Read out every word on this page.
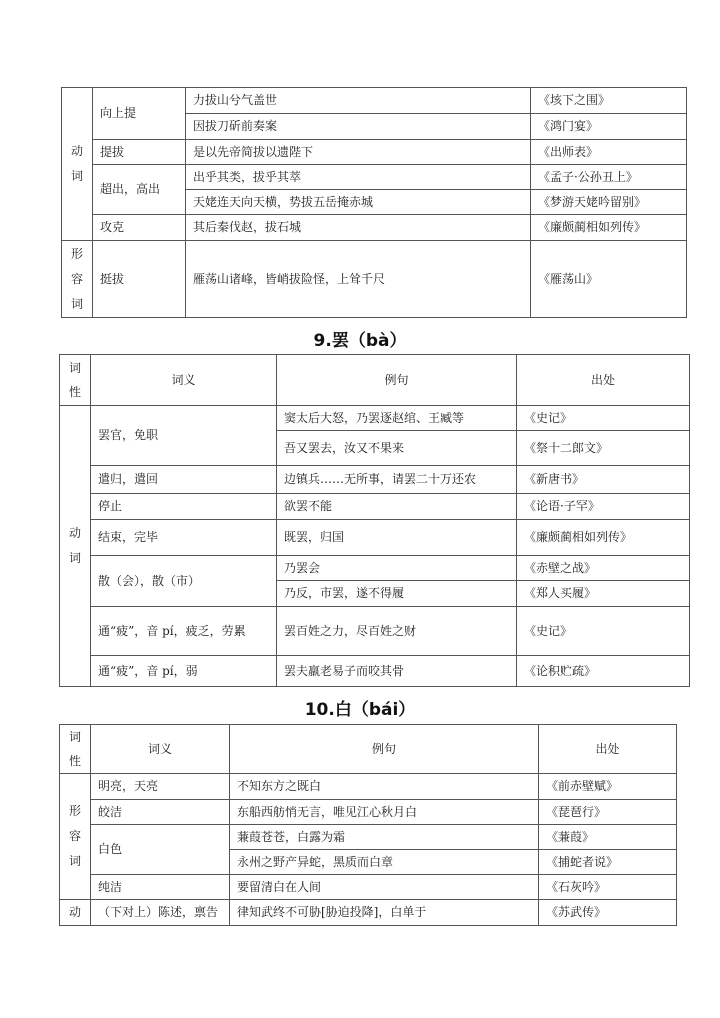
动词	向上提	力拔山兮气盖世	《垓下之围》
		因拔刀斫前奏案	《鸿门宴》
	提拔	是以先帝简拔以遗陛下	《出师表》
	超出，高出	出乎其类，拔乎其萃	《孟子·公孙丑上》
		天姥连天向天横，势拔五岳掩赤城	《梦游天姥吟留别》
	攻克	其后秦伐赵，拔石城	《廉颇蔺相如列传》

形容词	挺拔	雁荡山诸峰，皆峭拔险怪，上耸千尺	《雁荡山》
9.罢（bà）
词性	词义	例句	出处

动词	罢官，免职	窦太后大怒，乃罢逐赵绾、王臧等	《史记》
		吾又罢去，汝又不果来	《祭十二郎文》
	遣归，遣回	边镇兵……无所事，请罢二十万还农	《新唐书》
	停止	欲罢不能	《论语·子罕》
	结束，完毕	既罢，归国	《廉颇蔺相如列传》
	散（会），散（市）	乃罢会	《赤壁之战》
		乃反，市罢，遂不得履	《郑人买履》
	通“疲”，音 pí，疲乏，劳累	罢百姓之力，尽百姓之财	《史记》
	通“疲”，音 pí，弱	罢夫羸老易子而咬其骨	《论积贮疏》
10.白（bái）
词性	词义	例句	出处

形容词	明亮，天亮	不知东方之既白	《前赤壁赋》
	皎洁	东船西舫悄无言，唯见江心秋月白	《琵琶行》
	白色	蒹葭苍苍，白露为霜	《蒹葭》
		永州之野产异蛇，黑质而白章	《捕蛇者说》
	纯洁	要留清白在人间	《石灰吟》
动	（下对上）陈述，禀告	律知武终不可胁[胁迫投降]，白单于	《苏武传》
